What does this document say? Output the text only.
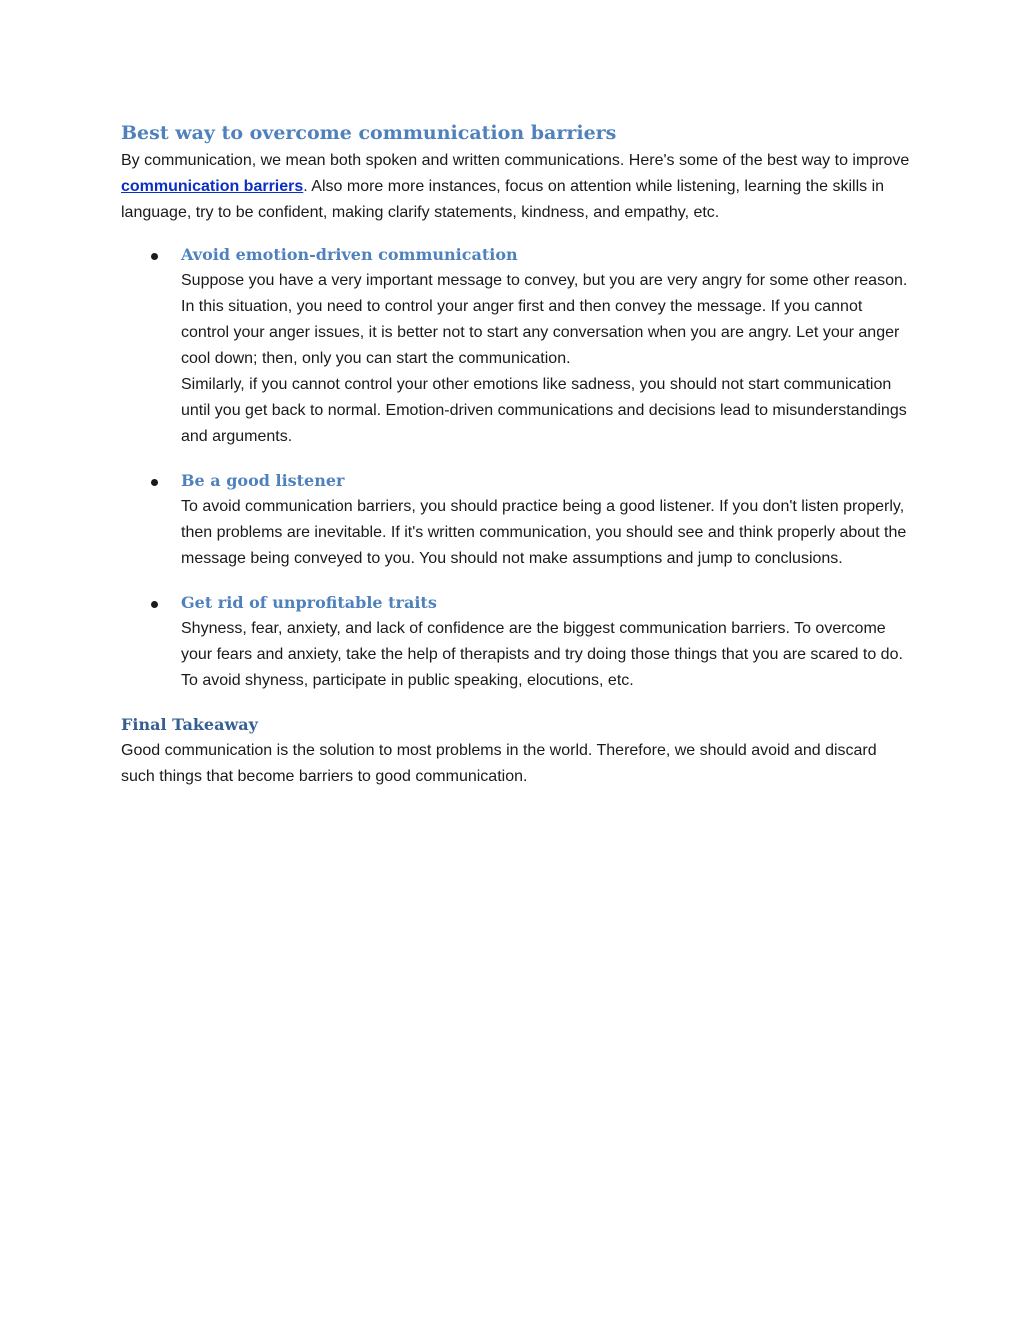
Best way to overcome communication barriers

By communication, we mean both spoken and written communications. Here's some of the best way to improve communication barriers. Also more more instances, focus on attention while listening, learning the skills in language, try to be confident, making clarify statements, kindness, and empathy, etc.

Avoid emotion-driven communication

Suppose you have a very important message to convey, but you are very angry for some other reason. In this situation, you need to control your anger first and then convey the message. If you cannot control your anger issues, it is better not to start any conversation when you are angry. Let your anger cool down; then, only you can start the communication.

Similarly, if you cannot control your other emotions like sadness, you should not start communication until you get back to normal. Emotion-driven communications and decisions lead to misunderstandings and arguments.

Be a good listener

To avoid communication barriers, you should practice being a good listener. If you don't listen properly, then problems are inevitable. If it's written communication, you should see and think properly about the message being conveyed to you. You should not make assumptions and jump to conclusions.

Get rid of unprofitable traits

Shyness, fear, anxiety, and lack of confidence are the biggest communication barriers. To overcome your fears and anxiety, take the help of therapists and try doing those things that you are scared to do. To avoid shyness, participate in public speaking, elocutions, etc.

Final Takeaway

Good communication is the solution to most problems in the world. Therefore, we should avoid and discard such things that become barriers to good communication.
